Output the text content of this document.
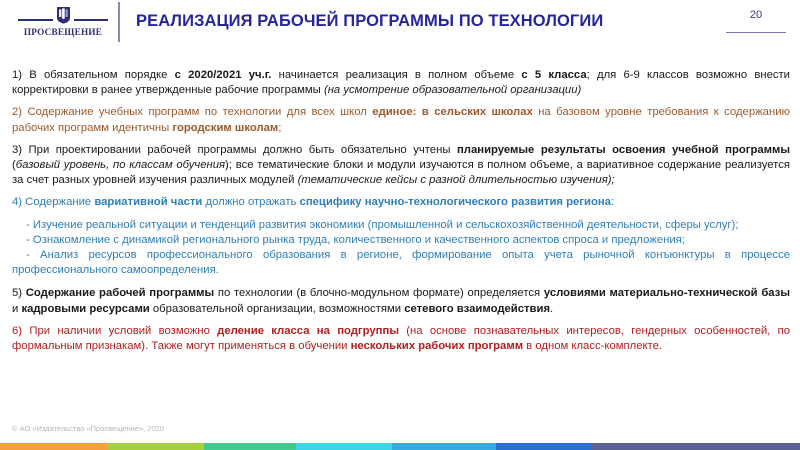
ПРОСВЕЩЕНИЕ
РЕАЛИЗАЦИЯ РАБОЧЕЙ ПРОГРАММЫ ПО ТЕХНОЛОГИИ	20

1) В обязательном порядке с 2020/2021 уч.г. начинается реализация в полном объеме с 5 класса; для 6-9 классов возможно внести корректировки в ранее утвержденные рабочие программы (на усмотрение образовательной организации)

2) Содержание учебных программ по технологии для всех школ единое: в сельских школах на базовом уровне требования к содержанию рабочих программ идентичны городским школам;

3) При проектировании рабочей программы должно быть обязательно учтены планируемые результаты освоения учебной программы (базовый уровень, по классам обучения); все тематические блоки и модули изучаются в полном объеме, а вариативное содержание реализуется за счет разных уровней изучения различных модулей (тематические кейсы с разной длительностью изучения);

4) Содержание вариативной части должно отражать специфику научно-технологического развития региона:

- Изучение реальной ситуации и тенденций развития экономики (промышленной и сельскохозяйственной деятельности, сферы услуг);

- Ознакомление с динамикой регионального рынка труда, количественного и качественного аспектов спроса и предложения;

- Анализ ресурсов профессионального образования в регионе, формирование опыта учета рыночной конъюнктуры в процессе профессионального самоопределения.

5) Содержание рабочей программы по технологии (в блочно-модульном формате) определяется условиями материально-технической базы и кадровыми ресурсами образовательной организации, возможностями сетевого взаимодействия.

6) При наличии условий возможно деление класса на подгруппы (на основе познавательных интересов, гендерных особенностей, по формальным признакам). Также могут применяться в обучении нескольких рабочих программ в одном класс-комплекте.

© АО «Издательство «Просвещение», 2020
